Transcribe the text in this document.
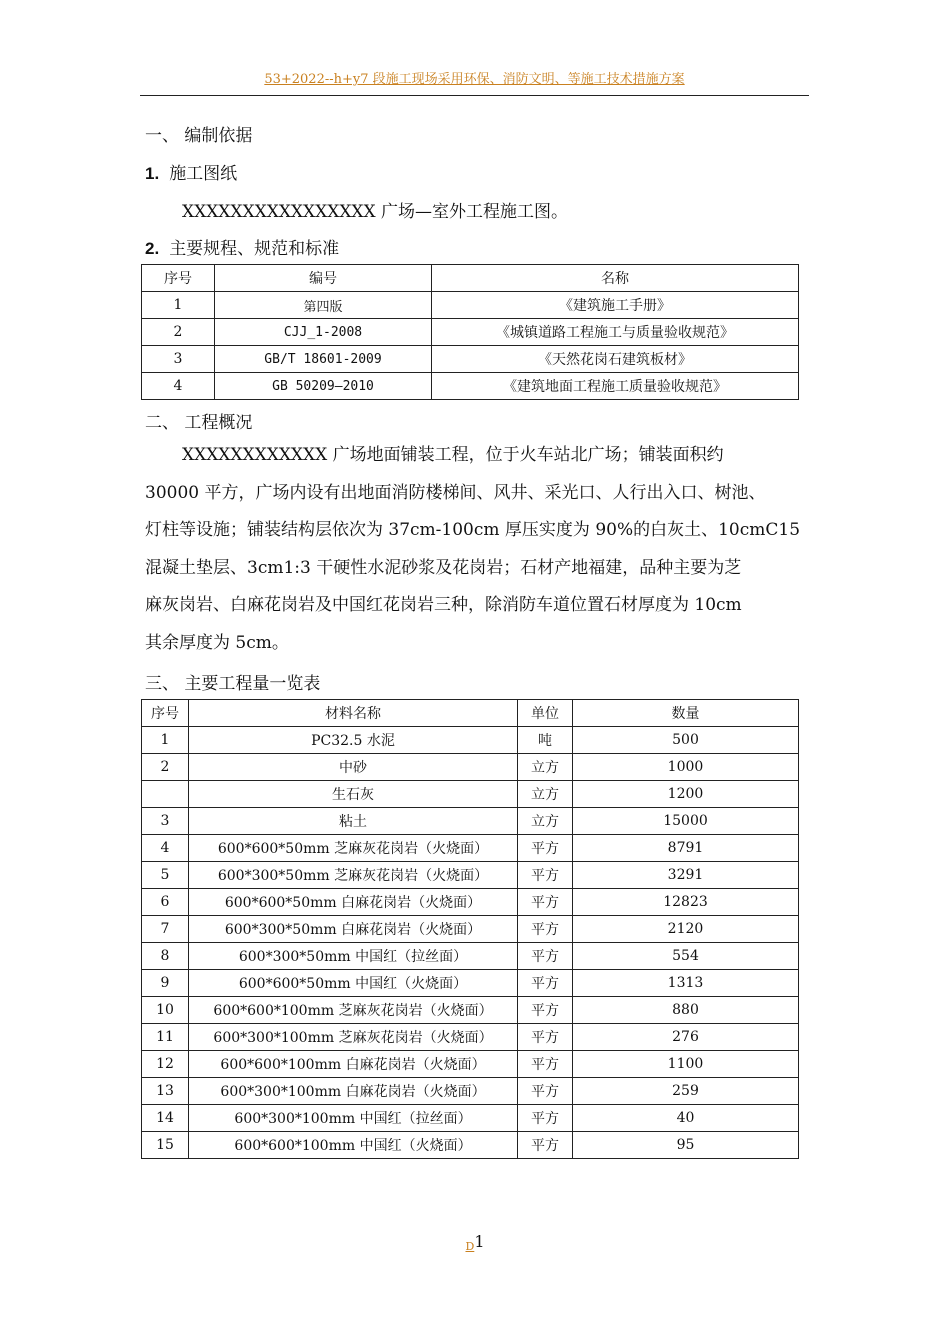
53+2022--h+y7 段施工现场采用环保、消防文明、等施工技术措施方案
一、 编制依据
1. 施工图纸
XXXXXXXXXXXXXXXX 广场—室外工程施工图。
2. 主要规程、规范和标准
序号	编号	名称
1	第四版	《建筑施工手册》
2	CJJ_1-2008	《城镇道路工程施工与质量验收规范》
3	GB/T 18601-2009	《天然花岗石建筑板材》
4	GB 50209—2010	《建筑地面工程施工质量验收规范》
二、 工程概况
XXXXXXXXXXXX 广场地面铺装工程，位于火车站北广场；铺装面积约
30000 平方，广场内设有出地面消防楼梯间、风井、采光口、人行出入口、树池、
灯柱等设施；铺装结构层依次为 37cm-100cm 厚压实度为 90%的白灰土、10cmC15
混凝土垫层、3cm1:3 干硬性水泥砂浆及花岗岩；石材产地福建，品种主要为芝
麻灰岗岩、白麻花岗岩及中国红花岗岩三种，除消防车道位置石材厚度为 10cm
其余厚度为 5cm。
三、 主要工程量一览表
序号	材料名称	单位	数量
1	PC32.5 水泥	吨	500
2	中砂	立方	1000
	生石灰	立方	1200
3	粘土	立方	15000
4	600*600*50mm 芝麻灰花岗岩（火烧面）	平方	8791
5	600*300*50mm 芝麻灰花岗岩（火烧面）	平方	3291
6	600*600*50mm 白麻花岗岩（火烧面）	平方	12823
7	600*300*50mm 白麻花岗岩（火烧面）	平方	2120
8	600*300*50mm 中国红（拉丝面）	平方	554
9	600*600*50mm 中国红（火烧面）	平方	1313
10	600*600*100mm 芝麻灰花岗岩（火烧面）	平方	880
11	600*300*100mm 芝麻灰花岗岩（火烧面）	平方	276
12	600*600*100mm 白麻花岗岩（火烧面）	平方	1100
13	600*300*100mm 白麻花岗岩（火烧面）	平方	259
14	600*300*100mm 中国红（拉丝面）	平方	40
15	600*600*100mm 中国红（火烧面）	平方	95
D1
